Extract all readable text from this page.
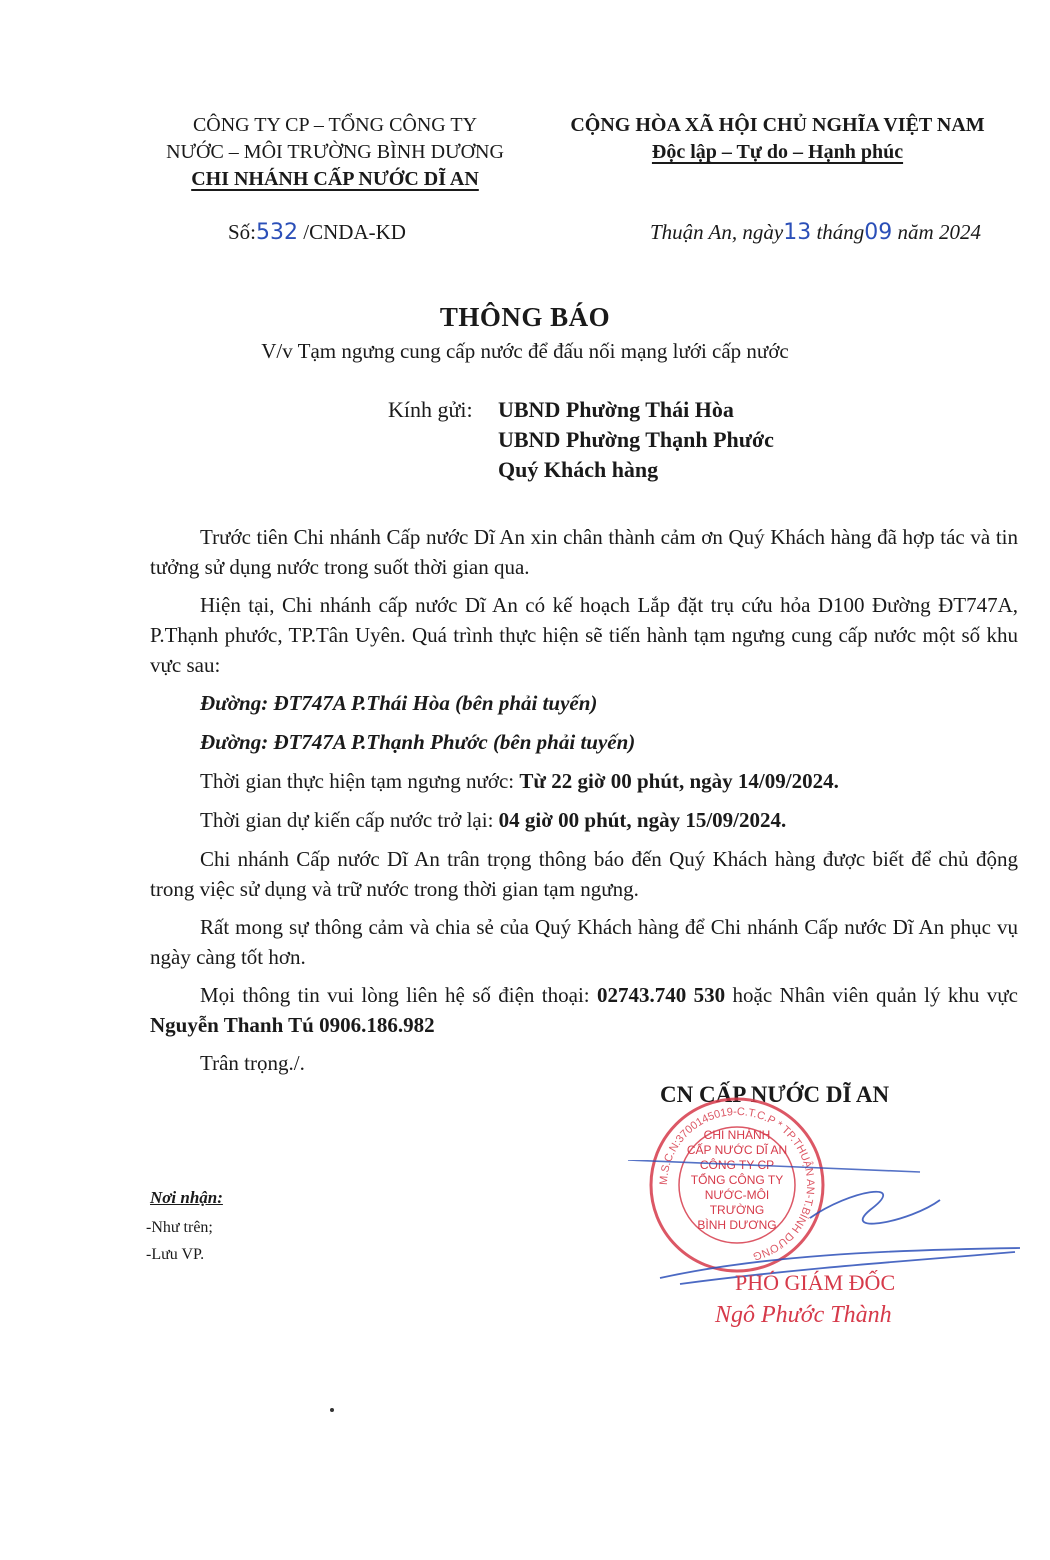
CÔNG TY CP – TỔNG CÔNG TY
NƯỚC – MÔI TRƯỜNG BÌNH DƯƠNG
CHI NHÁNH CẤP NƯỚC DĨ AN
CỘNG HÒA XÃ HỘI CHỦ NGHĨA VIỆT NAM
Độc lập – Tự do – Hạnh phúc
Số:532 /CNDA-KD	Thuận An, ngày13 tháng09 năm 2024
THÔNG BÁO
V/v Tạm ngưng cung cấp nước để đấu nối mạng lưới cấp nước
Kính gửi: UBND Phường Thái Hòa
UBND Phường Thạnh Phước
Quý Khách hàng

Trước tiên Chi nhánh Cấp nước Dĩ An xin chân thành cảm ơn Quý Khách hàng đã hợp tác và tin tưởng sử dụng nước trong suốt thời gian qua.

Hiện tại, Chi nhánh cấp nước Dĩ An có kế hoạch Lắp đặt trụ cứu hỏa D100 Đường ĐT747A, P.Thạnh phước, TP.Tân Uyên. Quá trình thực hiện sẽ tiến hành tạm ngưng cung cấp nước một số khu vực sau:

Đường: ĐT747A P.Thái Hòa (bên phải tuyến)

Đường: ĐT747A P.Thạnh Phước (bên phải tuyến)

Thời gian thực hiện tạm ngưng nước: Từ 22 giờ 00 phút, ngày 14/09/2024.

Thời gian dự kiến cấp nước trở lại: 04 giờ 00 phút, ngày 15/09/2024.

Chi nhánh Cấp nước Dĩ An trân trọng thông báo đến Quý Khách hàng được biết để chủ động trong việc sử dụng và trữ nước trong thời gian tạm ngưng.

Rất mong sự thông cảm và chia sẻ của Quý Khách hàng để Chi nhánh Cấp nước Dĩ An phục vụ ngày càng tốt hơn.

Mọi thông tin vui lòng liên hệ số điện thoại: 02743.740 530 hoặc Nhân viên quản lý khu vực Nguyễn Thanh Tú 0906.186.982

Trân trọng./.

CN CẤP NƯỚC DĨ AN
M.S.C.N:3700145019-C.T.C.P * TP.THUẬN AN-T.BÌNH DƯƠNG
CHI NHÁNH
CẤP NƯỚC DĨ AN
CÔNG TY CP
TỔNG CÔNG TY
NƯỚC-MÔI TRƯỜNG
BÌNH DƯƠNG
PHÓ GIÁM ĐỐC
Ngô Phước Thành
Nơi nhận:
-Như trên;
-Lưu VP.
